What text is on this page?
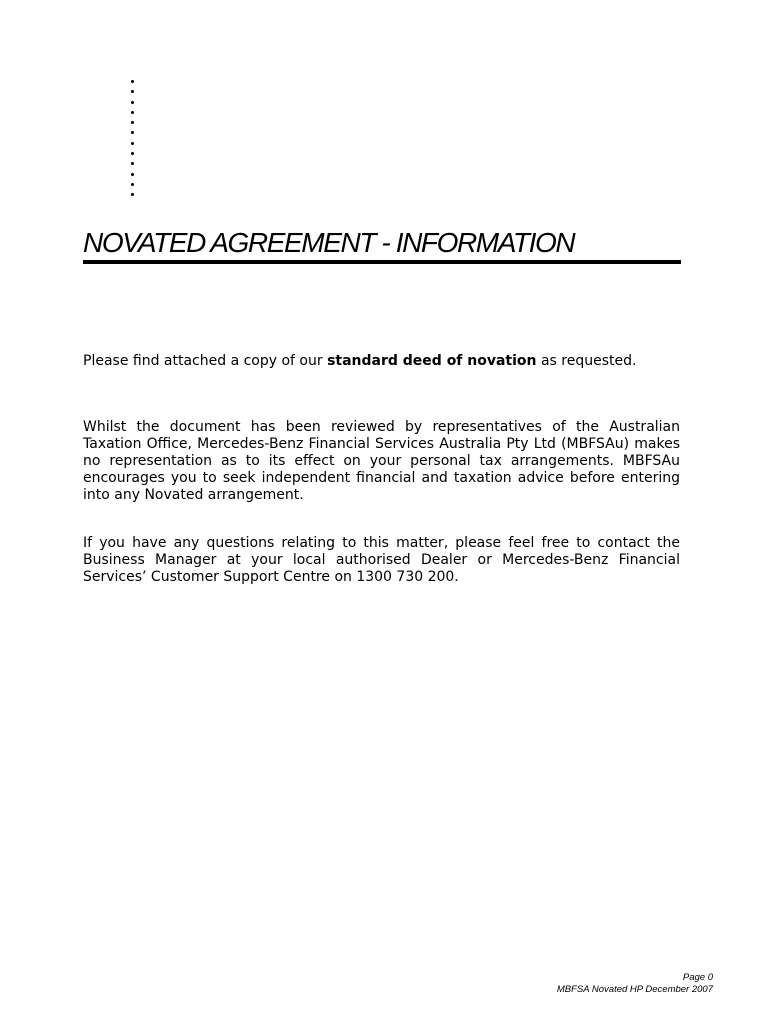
NOVATED AGREEMENT - INFORMATION

Please find attached a copy of our standard deed of novation as requested.

Whilst the document has been reviewed by representatives of the Australian Taxation Office, Mercedes-Benz Financial Services Australia Pty Ltd (MBFSAu) makes no representation as to its effect on your personal tax arrangements. MBFSAu encourages you to seek independent financial and taxation advice before entering into any Novated arrangement.

If you have any questions relating to this matter, please feel free to contact the Business Manager at your local authorised Dealer or Mercedes-Benz Financial Services’ Customer Support Centre on 1300 730 200.

Page 0
MBFSA Novated HP December 2007
